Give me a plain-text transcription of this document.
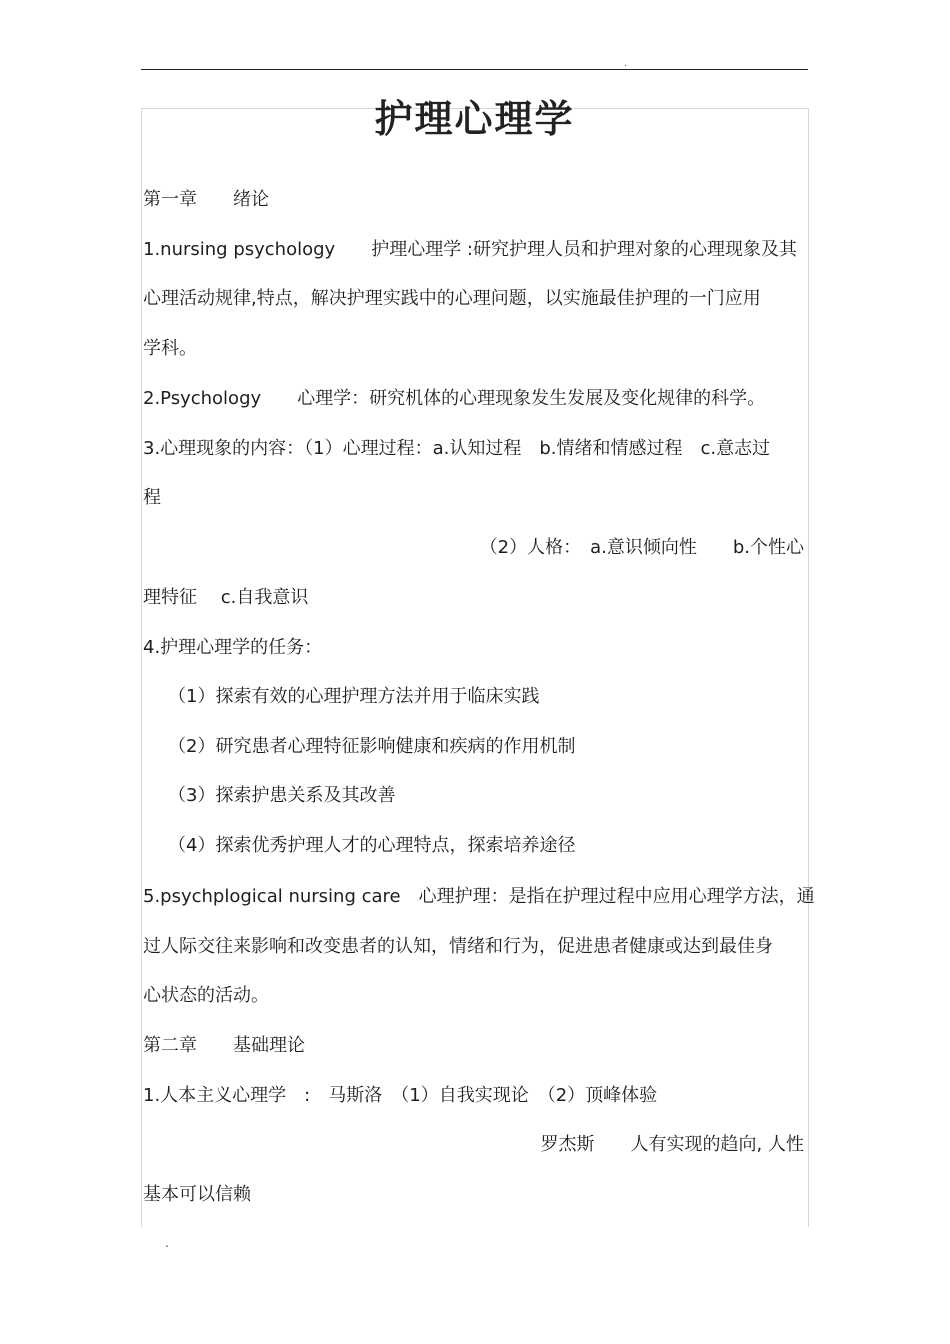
.
护理心理学
第一章　　绪论
1.nursing psychology　　护理心理学 :研究护理人员和护理对象的心理现象及其
心理活动规律,特点，解决护理实践中的心理问题，以实施最佳护理的一门应用
学科。
2.Psychology　　心理学：研究机体的心理现象发生发展及变化规律的科学。
3.心理现象的内容：（1）心理过程：a.认知过程　b.情绪和情感过程　c.意志过
程
（2）人格：　a.意识倾向性　　b.个性心
理特征　 c.自我意识
4.护理心理学的任务：
（1）探索有效的心理护理方法并用于临床实践
（2）研究患者心理特征影响健康和疾病的作用机制
（3）探索护患关系及其改善
（4）探索优秀护理人才的心理特点，探索培养途径
5.psychplogical nursing care　心理护理：是指在护理过程中应用心理学方法，通
过人际交往来影响和改变患者的认知，情绪和行为，促进患者健康或达到最佳身
心状态的活动。
第二章　　基础理论
1.人本主义心理学　:　马斯洛　（1）自我实现论　（2）顶峰体验
罗杰斯　　人有实现的趋向, 人性
基本可以信赖
.
